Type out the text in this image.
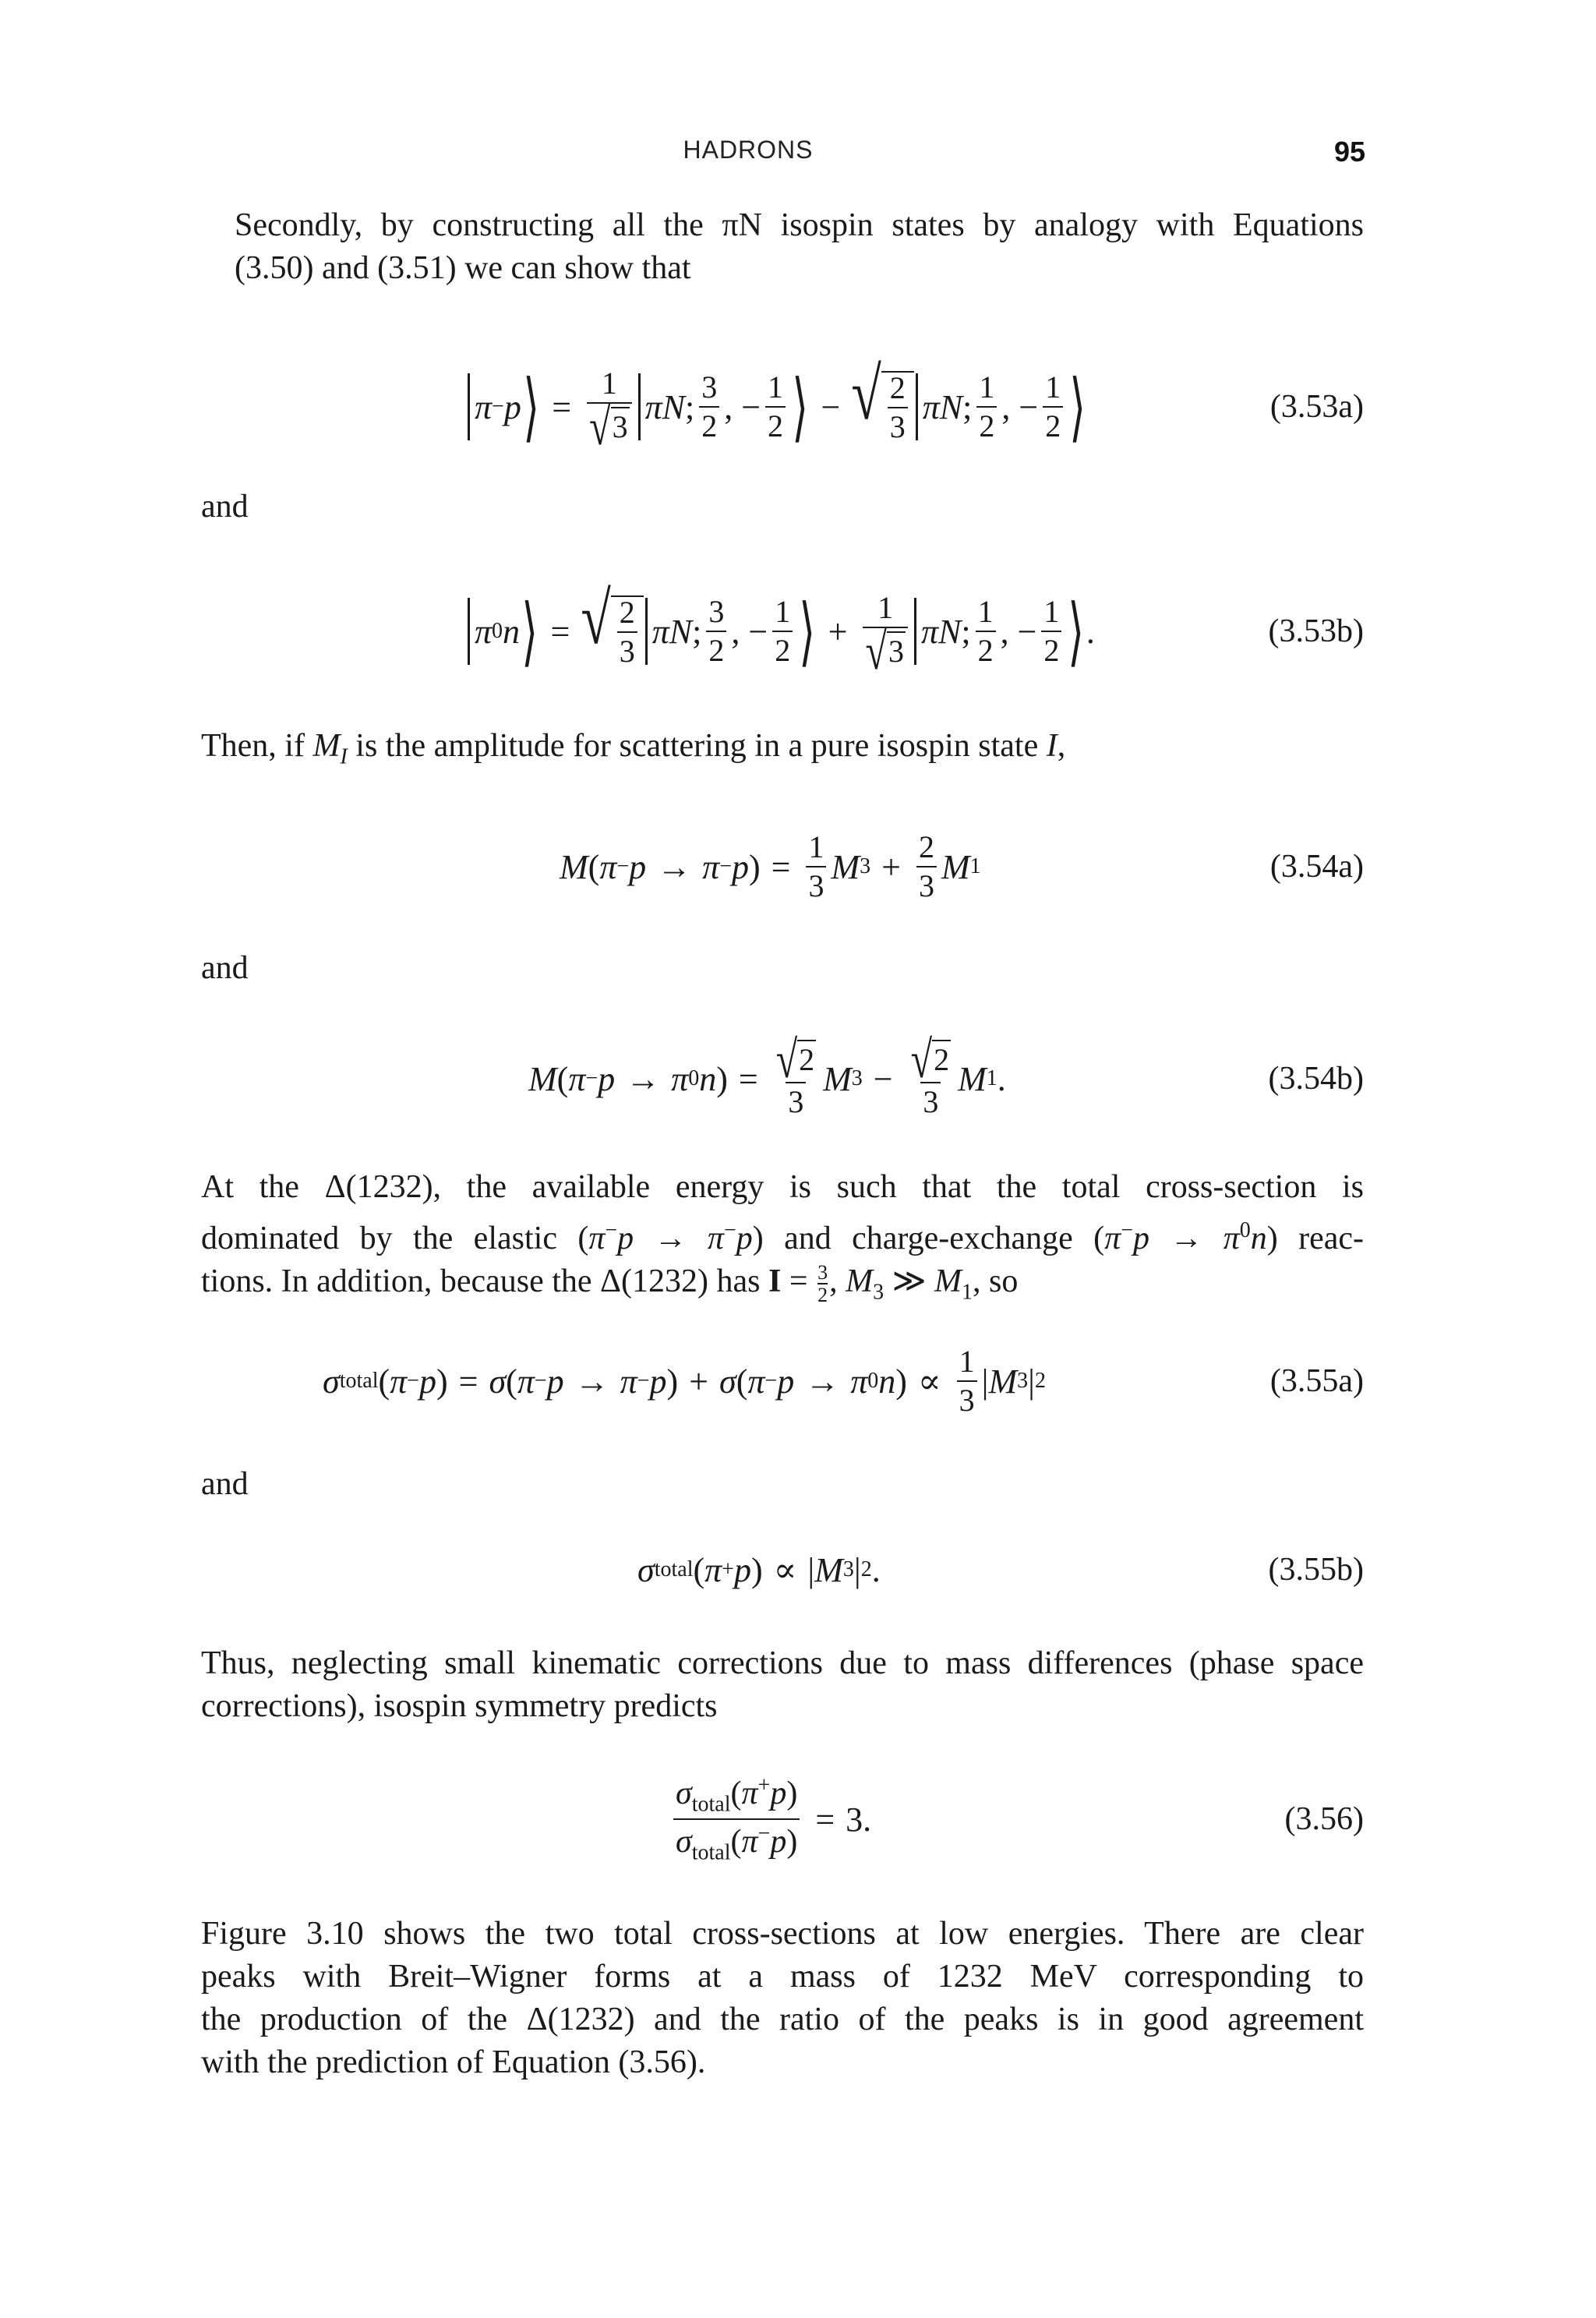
HADRONS	95

Secondly, by constructing all the πN isospin states by analogy with Equations
(3.50) and (3.51) we can show that

π − p ⟩ = $\frac{1}{√ 3}$ πN ; $\frac{3}{2}$ , − $\frac{1}{2}$ ⟩ − √ $\frac{2}{3}$ πN ; $\frac{1}{2}$ , − $\frac{1}{2}$ ⟩	(3.53a)
and
π 0 n ⟩ = √ $\frac{2}{3}$ πN ; $\frac{3}{2}$ , − $\frac{1}{2}$ ⟩ + $\frac{1}{√ 3}$ πN ; $\frac{1}{2}$ , − $\frac{1}{2}$ ⟩ .	(3.53b)

Then, if $M_I$ is the amplitude for scattering in a pure isospin state I,

M ( π − p → π − p ) = $\frac{1}{3}$ M $3 + \frac{2}{3}$ M 1	(3.54a)
and
M ( π − p → π 0 n ) = $\frac{√ 2}{3}$ M $3 - \frac{√ 2}{3}$ M 1 .	(3.54b)

At the Δ(1232), the available energy is such that the total cross-section is
dominated by the elastic (π−p → π−p) and charge-exchange $(\pi^-p \to \pi^0n)$ reac-
tions. In addition, because the Δ(1232) has $I = \frac{3}{2}$ , $M_3$ ≫ $M_1$, so

σ total ( π − p ) = σ ( π − p → π − p ) + σ ( π − p → π 0 n ) ∝ $\frac{1}{3}$ | M 3 | 2	(3.55a)
and
σ total ( π + p ) ∝ | M 3 | 2 .	(3.55b)

Thus, neglecting small kinematic corrections due to mass differences (phase space
corrections), isospin symmetry predicts

$\frac{\sigma_{total}(\pi^+p)}{\sigma_{total}(\pi^-p)} = 3$.	(3.56)

Figure 3.10 shows the two total cross-sections at low energies. There are clear
peaks with Breit–Wigner forms at a mass of 1232 MeV corresponding to
the production of the Δ(1232) and the ratio of the peaks is in good agreement
with the prediction of Equation (3.56).
